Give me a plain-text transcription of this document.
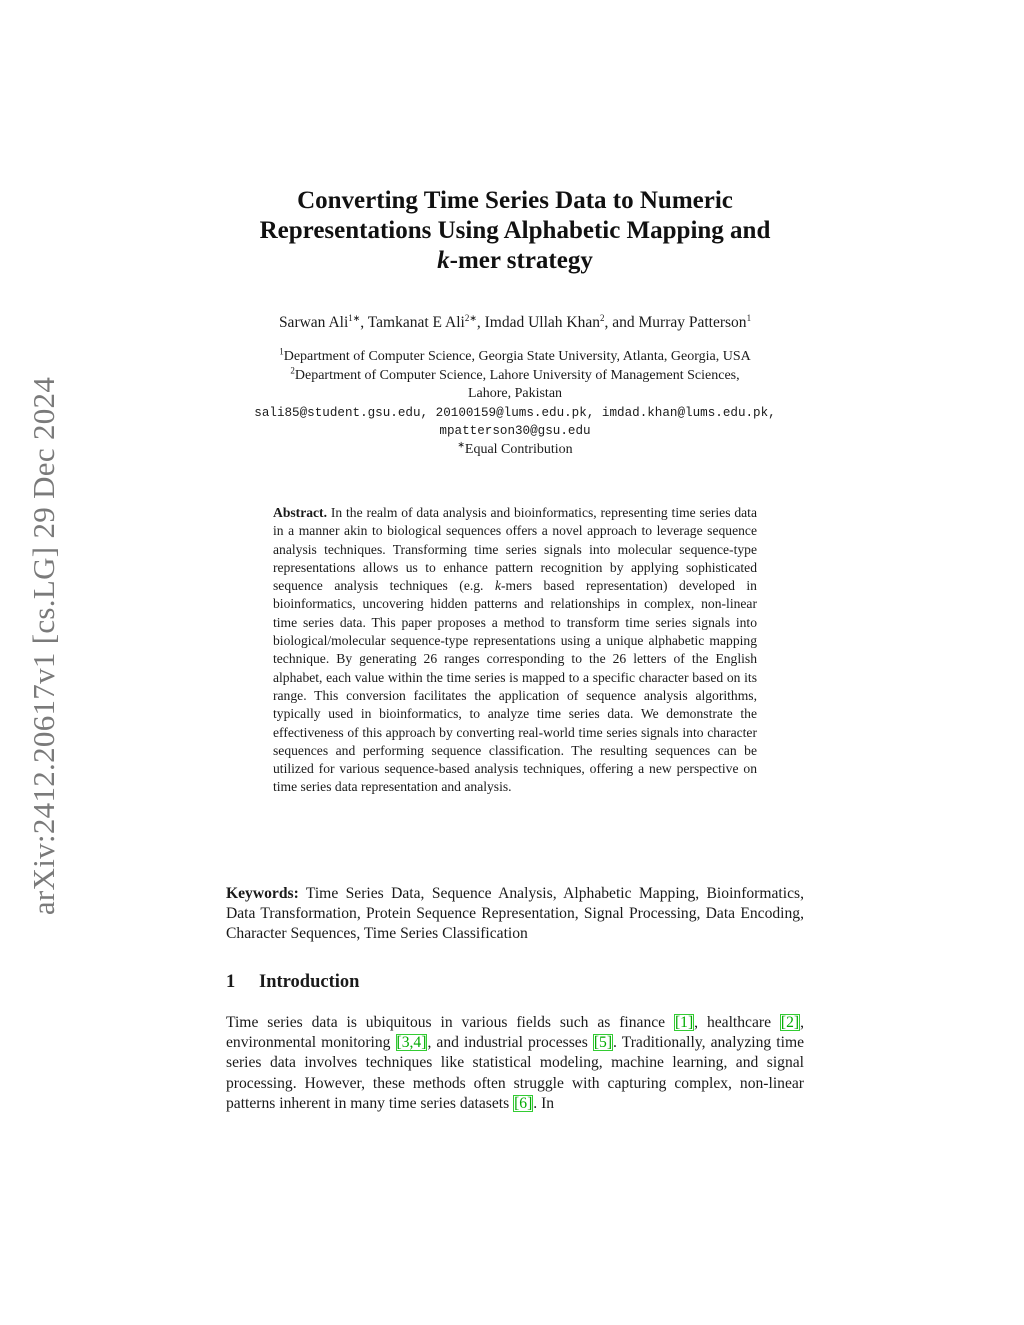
arXiv:2412.20617v1 [cs.LG] 29 Dec 2024
Converting Time Series Data to Numeric
Representations Using Alphabetic Mapping and
k-mer strategy
Sarwan Ali$^{1∗}$, Tamkanat E Ali$^{2∗}$, Imdad Ullah Khan$^2$, and Murray Patterson$^1$
$^1$Department of Computer Science, Georgia State University, Atlanta, Georgia, USA
$^2$Department of Computer Science, Lahore University of Management Sciences,
Lahore, Pakistan
sali85@student.gsu.edu, 20100159@lums.edu.pk, imdad.khan@lums.edu.pk,
mpatterson30@gsu.edu
∗Equal Contribution
Abstract. In the realm of data analysis and bioinformatics, representing time series data in a manner akin to biological sequences offers a novel approach to leverage sequence analysis techniques. Transforming time series signals into molecular sequence-type representations allows us to enhance pattern recognition by applying sophisticated sequence analysis techniques (e.g. k-mers based representation) developed in bioinformatics, uncovering hidden patterns and relationships in complex, non-linear time series data. This paper proposes a method to transform time series signals into biological/molecular sequence-type representations using a unique alphabetic mapping technique. By generating 26 ranges corresponding to the 26 letters of the English alphabet, each value within the time series is mapped to a specific character based on its range. This conversion facilitates the application of sequence analysis algorithms, typically used in bioinformatics, to analyze time series data. We demonstrate the effectiveness of this approach by converting real-world time series signals into character sequences and performing sequence classification. The resulting sequences can be utilized for various sequence-based analysis techniques, offering a new perspective on time series data representation and analysis.
Keywords: Time Series Data, Sequence Analysis, Alphabetic Mapping, Bioinformatics, Data Transformation, Protein Sequence Representation, Signal Processing, Data Encoding, Character Sequences, Time Series Classification
1 Introduction
Time series data is ubiquitous in various fields such as finance [1], healthcare [2], environmental monitoring [3,4], and industrial processes [5]. Traditionally, analyzing time series data involves techniques like statistical modeling, machine learning, and signal processing. However, these methods often struggle with capturing complex, non-linear patterns inherent in many time series datasets [6]. In
